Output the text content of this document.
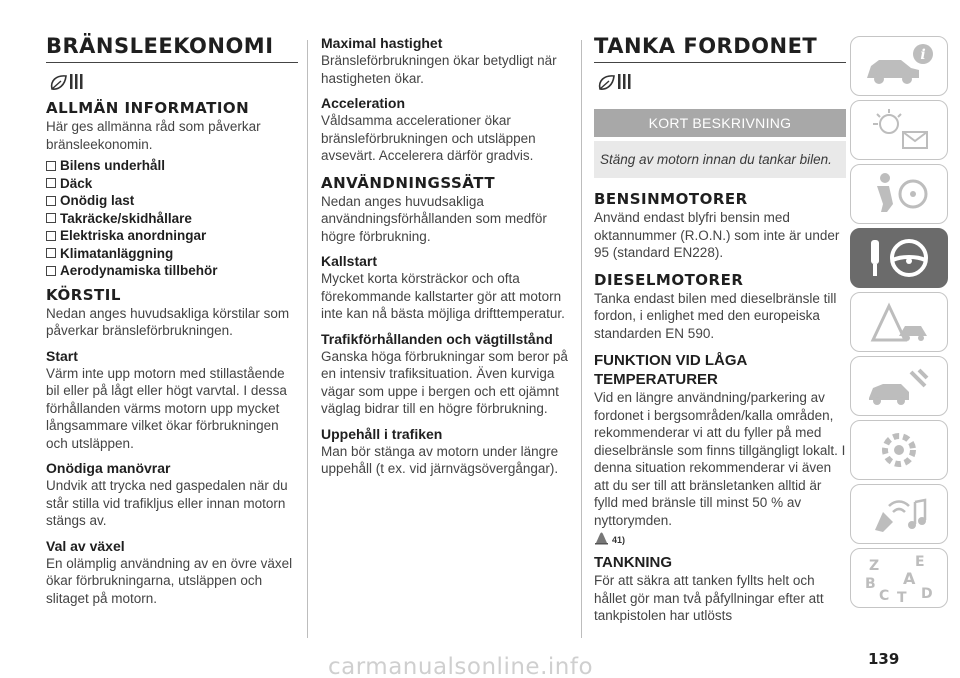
BRÄNSLEEKONOMI
ALLMÄN INFORMATION
Här ges allmänna råd som påverkar bränsleekonomin.
Bilens underhåll
Däck
Onödig last
Takräcke/skidhållare
Elektriska anordningar
Klimatanläggning
Aerodynamiska tillbehör
KÖRSTIL
Nedan anges huvudsakliga körstilar som påverkar bränsleförbrukningen.
Start
Värm inte upp motorn med stillastående bil eller på lågt eller högt varvtal. I dessa förhållanden värms motorn upp mycket långsammare vilket ökar förbrukningen och utsläppen.
Onödiga manövrar
Undvik att trycka ned gaspedalen när du står stilla vid trafikljus eller innan motorn stängs av.
Val av växel
En olämplig användning av en övre växel ökar förbrukningarna, utsläppen och slitaget på motorn.
Maximal hastighet
Bränsleförbrukningen ökar betydligt när hastigheten ökar.
Acceleration
Våldsamma accelerationer ökar bränsleförbrukningen och utsläppen avsevärt. Accelerera därför gradvis.
ANVÄNDNINGSSÄTT
Nedan anges huvudsakliga användningsförhållanden som medför högre förbrukning.
Kallstart
Mycket korta körsträckor och ofta förekommande kallstarter gör att motorn inte kan nå bästa möjliga drifttemperatur.
Trafikförhållanden och vägtillstånd
Ganska höga förbrukningar som beror på en intensiv trafiksituation. Även kurviga vägar som uppe i bergen och ett ojämnt väglag bidrar till en högre förbrukning.
Uppehåll i trafiken
Man bör stänga av motorn under längre uppehåll (t ex. vid järnvägsövergångar).
TANKA FORDONET
KORT BESKRIVNING
Stäng av motorn innan du tankar bilen.
BENSINMOTORER
Använd endast blyfri bensin med oktannummer (R.O.N.) som inte är under 95 (standard EN228).
DIESELMOTORER
Tanka endast bilen med dieselbränsle till fordon, i enlighet med den europeiska standarden EN 590.
FUNKTION VID LÅGA TEMPERATURER
Vid en längre användning/parkering av fordonet i bergsområden/kalla områden, rekommenderar vi att du fyller på med dieselbränsle som finns tillgängligt lokalt. I denna situation rekommenderar vi även att du ser till att bränsletanken alltid är fylld med bränsle till minst 50 % av nyttorymden.
41)
TANKNING
För att säkra att tanken fyllts helt och hållet gör man två påfyllningar efter att tankpistolen har utlösts
i
Z	E
B A
C T D
139
carmanualsonline.info
